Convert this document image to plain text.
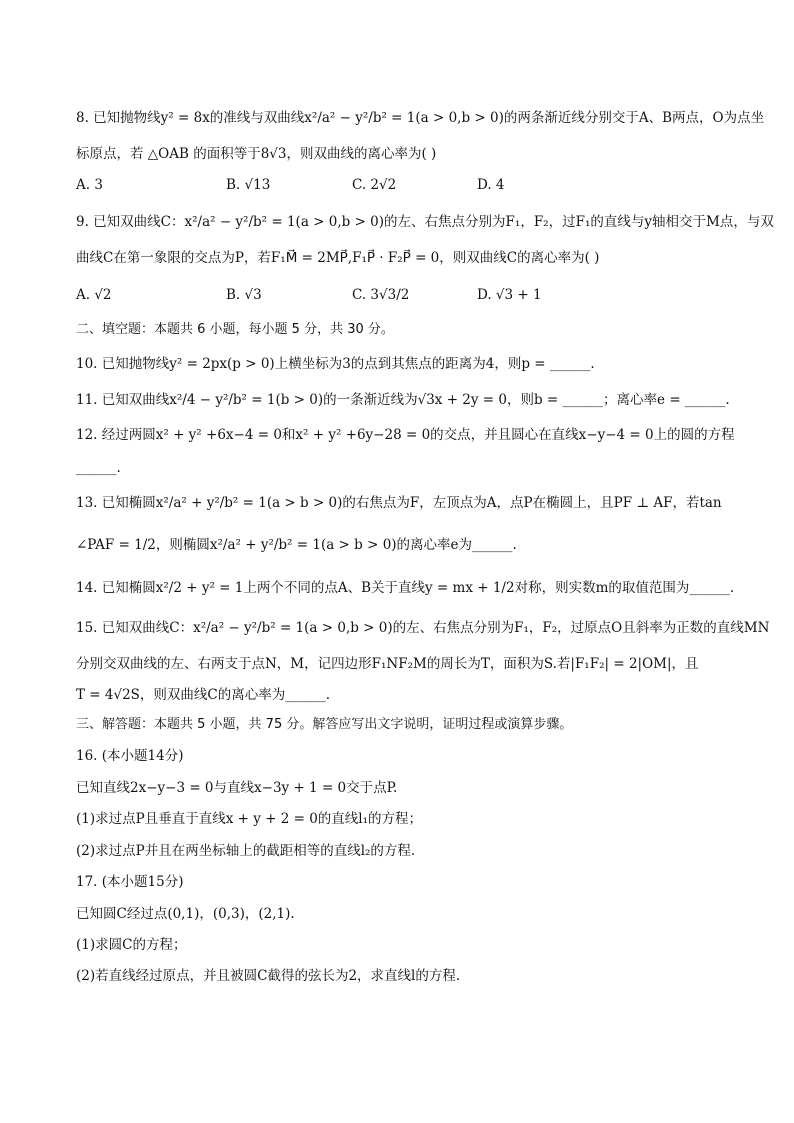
8. 已知抛物线y² = 8x的准线与双曲线x²/a² − y²/b² = 1(a > 0,b > 0)的两条渐近线分别交于A、B两点，O为点坐
标原点，若 △OAB 的面积等于8√3，则双曲线的离心率为( )
A. 3	B. √13	C. 2√2	D. 4
9. 已知双曲线C：x²/a² − y²/b² = 1(a > 0,b > 0)的左、右焦点分别为F₁，F₂，过F₁的直线与y轴相交于M点，与双
曲线C在第一象限的交点为P，若F₁M⃗ = 2MP⃗,F₁P⃗ · F₂P⃗ = 0，则双曲线C的离心率为( )
A. √2	B. √3	C. 3√3/2	D. √3 + 1
二、填空题：本题共 6 小题，每小题 5 分，共 30 分。
10. 已知抛物线y² = 2px(p > 0)上横坐标为3的点到其焦点的距离为4，则p = ______.
11. 已知双曲线x²/4 − y²/b² = 1(b > 0)的一条渐近线为√3x + 2y = 0，则b = ______；离心率e = ______.
12. 经过两圆x² + y² +6x−4 = 0和x² + y² +6y−28 = 0的交点，并且圆心在直线x−y−4 = 0上的圆的方程
______.
13. 已知椭圆x²/a² + y²/b² = 1(a > b > 0)的右焦点为F，左顶点为A，点P在椭圆上，且PF ⊥ AF，若tan
∠PAF = 1/2，则椭圆x²/a² + y²/b² = 1(a > b > 0)的离心率e为______.
14. 已知椭圆x²/2 + y² = 1上两个不同的点A、B关于直线y = mx + 1/2对称，则实数m的取值范围为______.
15. 已知双曲线C：x²/a² − y²/b² = 1(a > 0,b > 0)的左、右焦点分别为F₁，F₂，过原点O且斜率为正数的直线MN
分别交双曲线的左、右两支于点N，M，记四边形F₁NF₂M的周长为T，面积为S.若|F₁F₂| = 2|OM|，且
T = 4√2S，则双曲线C的离心率为______.
三、解答题：本题共 5 小题，共 75 分。解答应写出文字说明，证明过程或演算步骤。
16. (本小题14分)
已知直线2x−y−3 = 0与直线x−3y + 1 = 0交于点P.
(1)求过点P且垂直于直线x + y + 2 = 0的直线l₁的方程；
(2)求过点P并且在两坐标轴上的截距相等的直线l₂的方程.
17. (本小题15分)
已知圆C经过点(0,1)，(0,3)，(2,1).
(1)求圆C的方程；
(2)若直线经过原点，并且被圆C截得的弦长为2，求直线l的方程.
